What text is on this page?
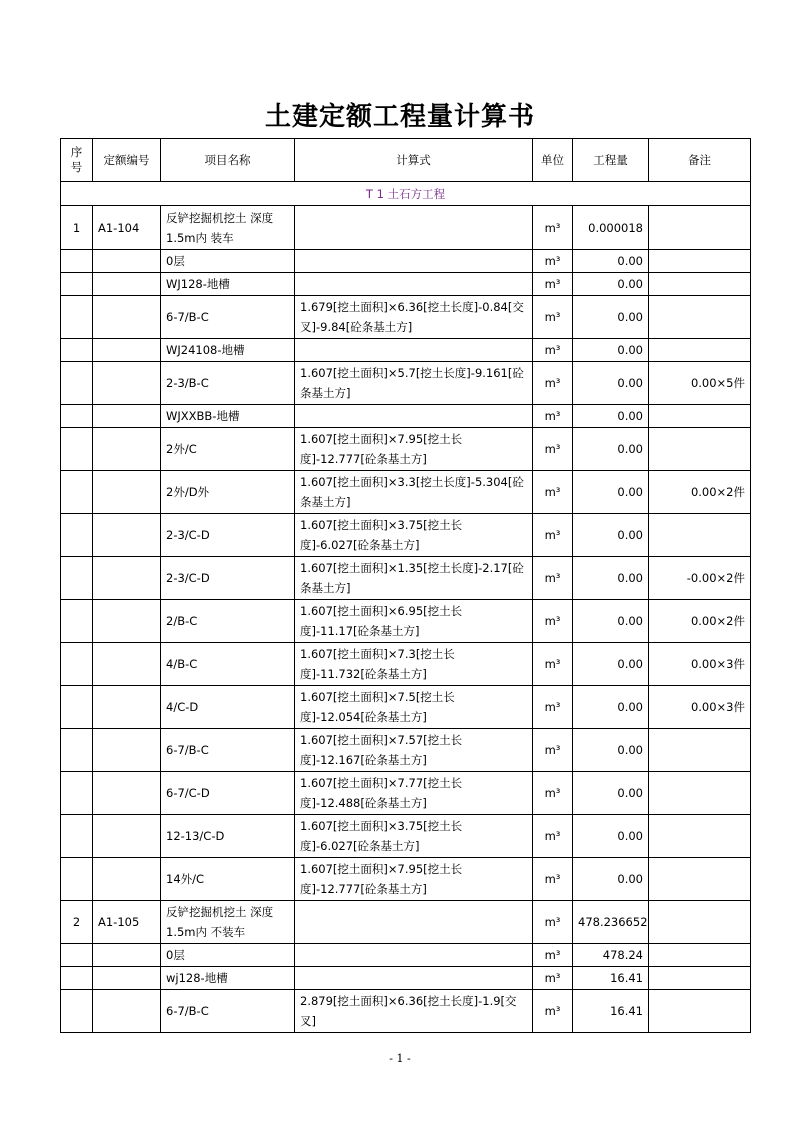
土建定额工程量计算书
序号	定额编号	项目名称	计算式	单位	工程量	备注
T 1 土石方工程						
1	A1-104	反铲挖掘机挖土 深度1.5m内 装车		m³	0.000018	
		0层		m³	0.00	
		WJ128-地槽		m³	0.00	
		6-7/B-C	1.679[挖土面积]×6.36[挖土长度]-0.84[交叉]-9.84[砼条基土方]	m³	0.00	
		WJ24108-地槽		m³	0.00	
		2-3/B-C	1.607[挖土面积]×5.7[挖土长度]-9.161[砼条基土方]	m³	0.00	0.00×5件
		WJXXBB-地槽		m³	0.00	
		2外/C	1.607[挖土面积]×7.95[挖土长度]-12.777[砼条基土方]	m³	0.00	
		2外/D外	1.607[挖土面积]×3.3[挖土长度]-5.304[砼条基土方]	m³	0.00	0.00×2件
		2-3/C-D	1.607[挖土面积]×3.75[挖土长度]-6.027[砼条基土方]	m³	0.00	
		2-3/C-D	1.607[挖土面积]×1.35[挖土长度]-2.17[砼条基土方]	m³	0.00	-0.00×2件
		2/B-C	1.607[挖土面积]×6.95[挖土长度]-11.17[砼条基土方]	m³	0.00	0.00×2件
		4/B-C	1.607[挖土面积]×7.3[挖土长度]-11.732[砼条基土方]	m³	0.00	0.00×3件
		4/C-D	1.607[挖土面积]×7.5[挖土长度]-12.054[砼条基土方]	m³	0.00	0.00×3件
		6-7/B-C	1.607[挖土面积]×7.57[挖土长度]-12.167[砼条基土方]	m³	0.00	
		6-7/C-D	1.607[挖土面积]×7.77[挖土长度]-12.488[砼条基土方]	m³	0.00	
		12-13/C-D	1.607[挖土面积]×3.75[挖土长度]-6.027[砼条基土方]	m³	0.00	
		14外/C	1.607[挖土面积]×7.95[挖土长度]-12.777[砼条基土方]	m³	0.00	
2	A1-105	反铲挖掘机挖土 深度1.5m内 不装车		m³	478.236652	
		0层		m³	478.24	
		wj128-地槽		m³	16.41	
		6-7/B-C	2.879[挖土面积]×6.36[挖土长度]-1.9[交叉]	m³	16.41	
- 1 -
